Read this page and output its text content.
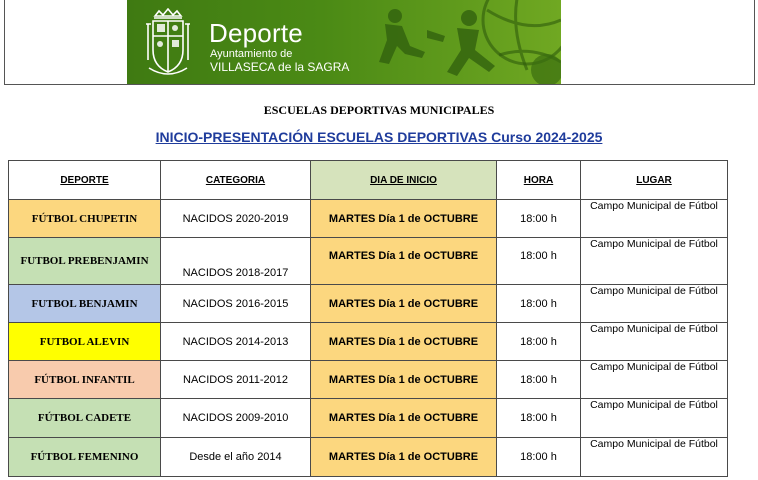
Deporte
Ayuntamiento de
VILLASECA de la SAGRA
ESCUELAS DEPORTIVAS MUNICIPALES
INICIO-PRESENTACIÓN ESCUELAS DEPORTIVAS Curso 2024-2025
DEPORTE	CATEGORIA	DIA DE INICIO	HORA	LUGAR
FÚTBOL CHUPETIN	NACIDOS 2020-2019	MARTES Día 1 de OCTUBRE	18:00 h	Campo Municipal de Fútbol
FUTBOL PREBENJAMIN	NACIDOS 2018-2017	MARTES Día 1 de OCTUBRE	18:00 h	Campo Municipal de Fútbol
FUTBOL BENJAMIN	NACIDOS 2016-2015	MARTES Día 1 de OCTUBRE	18:00 h	Campo Municipal de Fútbol
FUTBOL ALEVIN	NACIDOS 2014-2013	MARTES Día 1 de OCTUBRE	18:00 h	Campo Municipal de Fútbol
FÚTBOL INFANTIL	NACIDOS 2011-2012	MARTES Día 1 de OCTUBRE	18:00 h	Campo Municipal de Fútbol
FÚTBOL CADETE	NACIDOS 2009-2010	MARTES Día 1 de OCTUBRE	18:00 h	Campo Municipal de Fútbol
FÚTBOL FEMENINO	Desde el año 2014	MARTES Día 1 de OCTUBRE	18:00 h	Campo Municipal de Fútbol
